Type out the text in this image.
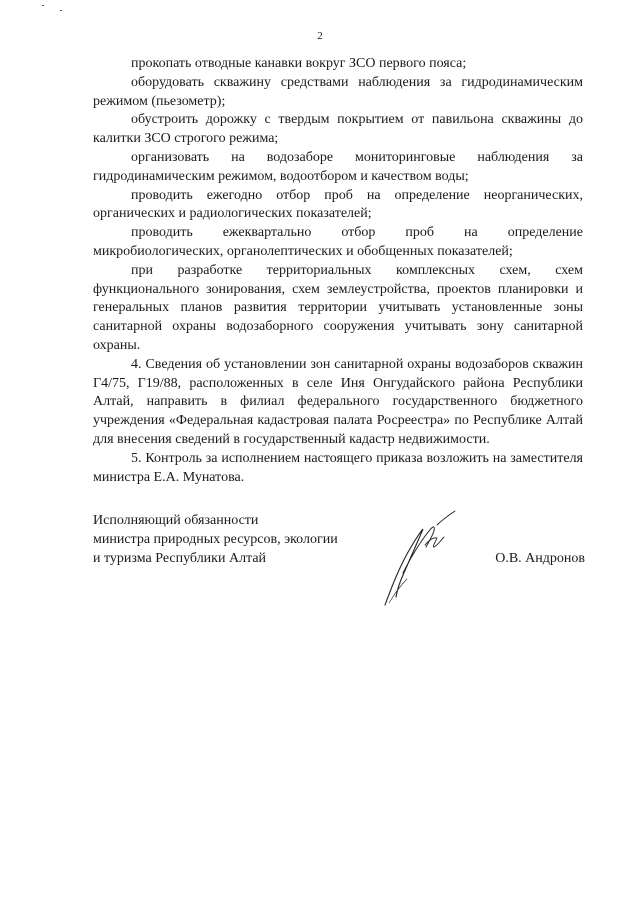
2

прокопать отводные канавки вокруг ЗСО первого пояса;

оборудовать скважину средствами наблюдения за гидродинамическим режимом (пьезометр);

обустроить дорожку с твердым покрытием от павильона скважины до калитки ЗСО строгого режима;

организовать на водозаборе мониторинговые наблюдения за гидродинамическим режимом, водоотбором и качеством воды;

проводить ежегодно отбор проб на определение неорганических, органических и радиологических показателей;

проводить ежеквартально отбор проб на определение микробиологических, органолептических и обобщенных показателей;

при разработке территориальных комплексных схем, схем функционального зонирования, схем землеустройства, проектов планировки и генеральных планов развития территории учитывать установленные зоны санитарной охраны водозаборного сооружения учитывать зону санитарной охраны.

4. Сведения об установлении зон санитарной охраны водозаборов скважин Г4/75, Г19/88, расположенных в селе Иня Онгудайского района Республики Алтай, направить в филиал федерального государственного бюджетного учреждения «Федеральная кадастровая палата Росреестра» по Республике Алтай для внесения сведений в государственный кадастр недвижимости.

5. Контроль за исполнением настоящего приказа возложить на заместителя министра Е.А. Мунатова.

Исполняющий обязанности
министра природных ресурсов, экологии
и туризма Республики Алтай	О.В. Андронов
